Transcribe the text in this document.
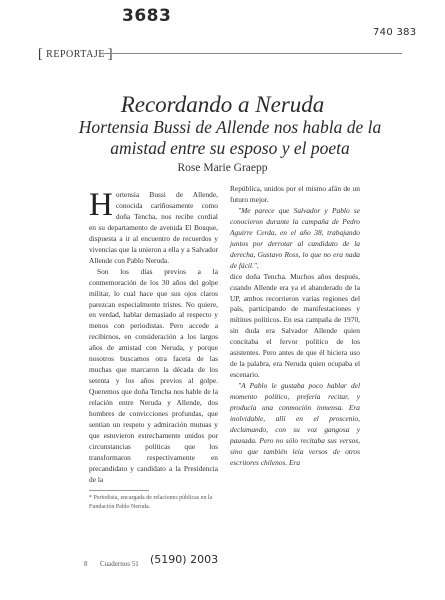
3683
740 383
[ REPORTAJE ]
Recordando a Neruda
Hortensia Bussi de Allende nos habla de la amistad entre su esposo y el poeta
Rose Marie Graepp

Hortensia Bussi de Allende, conocida cariñosamente como doña Tencha, nos recibe cordial en su departamento de avenida El Bosque, dispuesta a ir al encuentro de recuerdos y vivencias que la unieron a ella y a Salvador Allende con Pablo Neruda.

Son los días previos a la conmemoración de los 30 años del golpe militar, lo cual hace que sus ojos claros parezcan especialmente tristes. No quiere, en verdad, hablar demasiado al respecto y menos con periodistas. Pero accede a recibirnos, en consideración a los largos años de amistad con Neruda, y porque nosotros buscamos otra faceta de las muchas que marcaron la década de los setenta y los años previos al golpe. Queremos que doña Tencha nos hable de la relación entre Neruda y Allende, dos hombres de convicciones profundas, que sentían un respeto y admiración mutuas y que estuvieron estrechamente unidos por circunstancias políticas que los transformaron respectivamente en precandidato y candidato a la Presidencia de la

República, unidos por el mismo afán de un futuro mejor.

"Me parece que Salvador y Pablo se conocieron durante la campaña de Pedro Aguirre Cerda, en el año 38, trabajando juntos por derrotar al candidato de la derecha, Gustavo Ross, lo que no era nada de fácil.",

dice doña Tencha. Muchos años después, cuando Allende era ya el abanderado de la UP, ambos recorrieron varias regiones del país, participando de manifestaciones y mítines políticos. En esa campaña de 1970, sin duda era Salvador Allende quien concitaba el fervor político de los asistentes. Pero antes de que él hiciera uso de la palabra, era Neruda quien ocupaba el escenario.

"A Pablo le gustaba poco hablar del momento político, prefería recitar, y producía una conmoción inmensa. Era inolvidable, allí en el proscenio, declamando, con su voz gangosa y pausada. Pero no sólo recitaba sus versos, sino que también leía versos de otros escritores chilenos. Era

* Periodista, encargada de relaciones públicas en la Fundación Pablo Neruda.
8 Cuadernos 51 (5190) 2003
